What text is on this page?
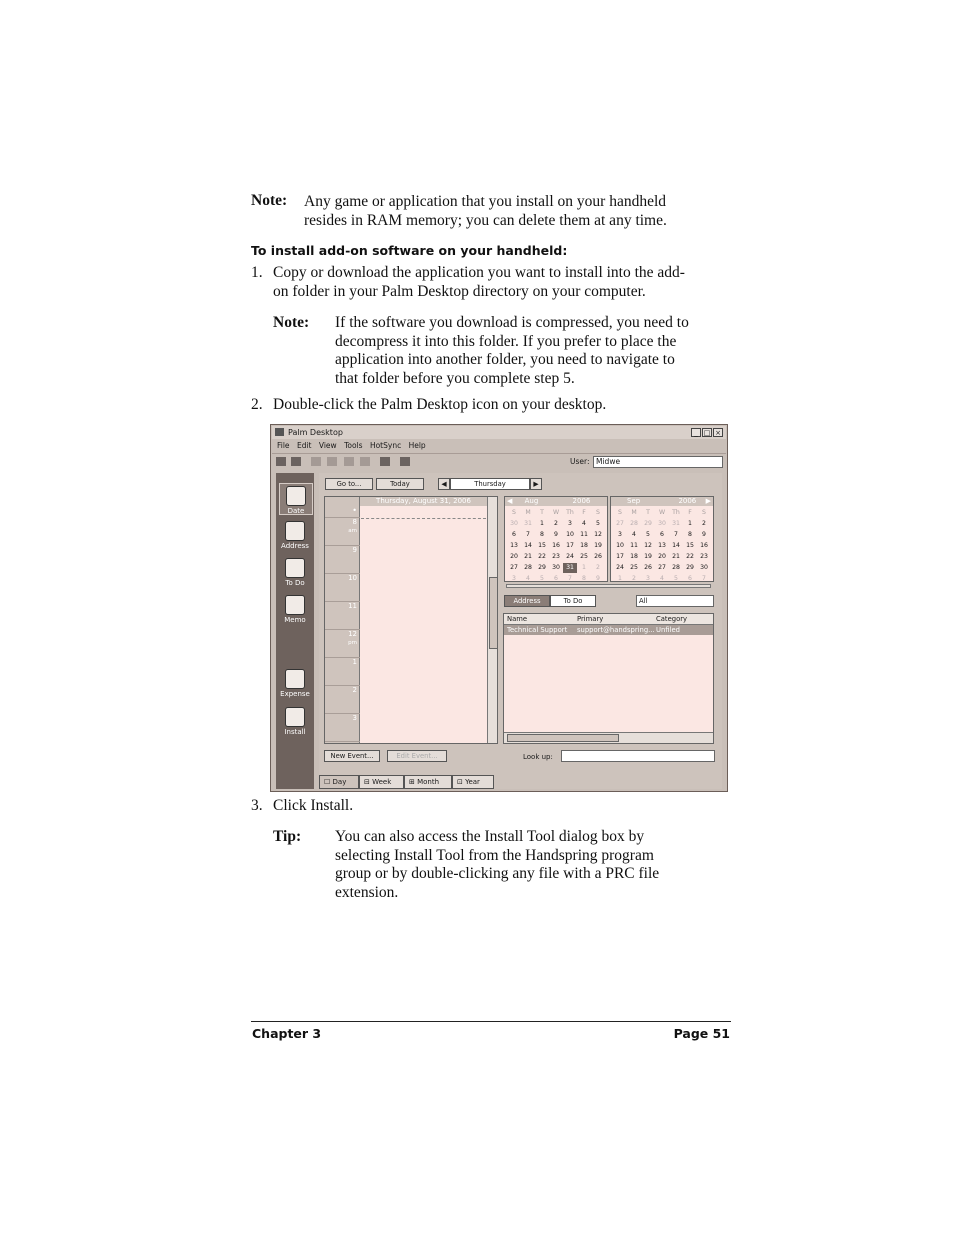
Note: Any game or application that you install on your handheld
resides in RAM memory; you can delete them at any time.
To install add-on software on your handheld:
1. Copy or download the application you want to install into the add-
on folder in your Palm Desktop directory on your computer.
Note: If the software you download is compressed, you need to
decompress it into this folder. If you prefer to place the
application into another folder, you need to navigate to
that folder before you complete step 5.
2. Double-click the Palm Desktop icon on your desktop.
Palm Desktop	_ □ ×
File Edit View Tools HotSync Help
User: Midwe
Date
Address
To Do
Memo
Expense
Install
Go to...	Today	◀	Thursday	▶
•
8
am
9
10
11
12
pm
1
2
3
Thursday, August 31, 2006	◀ Aug	2006
S	M	T	W	Th	F	S
30 31	1	2	3	4	5
6	7	8	9	10 11 12
13 14 15 16 17 18 19
20 21 22 23 24 25 26
27 28 29 30 31	1	2
3	4	5	6	7	8	9
Sep	2006 ▶
S	M	T	W	Th	F	S
27 28 29 30 31	1	2
3	4	5	6	7	8	9
10 11 12 13 14 15 16
17 18 19 20 21 22 23
24 25 26 27 28 29 30
1	2	3	4	5	6	7
Address	To Do	All
Name	Primary	Category
Technical Support support@handspring... Unfiled
New Event...	Edit Event...	Look up:
☐ Day	⊟ Week	⊞ Month	⊡ Year
3. Click Install.
Tip: You can also access the Install Tool dialog box by
selecting Install Tool from the Handspring program
group or by double-clicking any file with a PRC file
extension.
Chapter 3	Page 51
